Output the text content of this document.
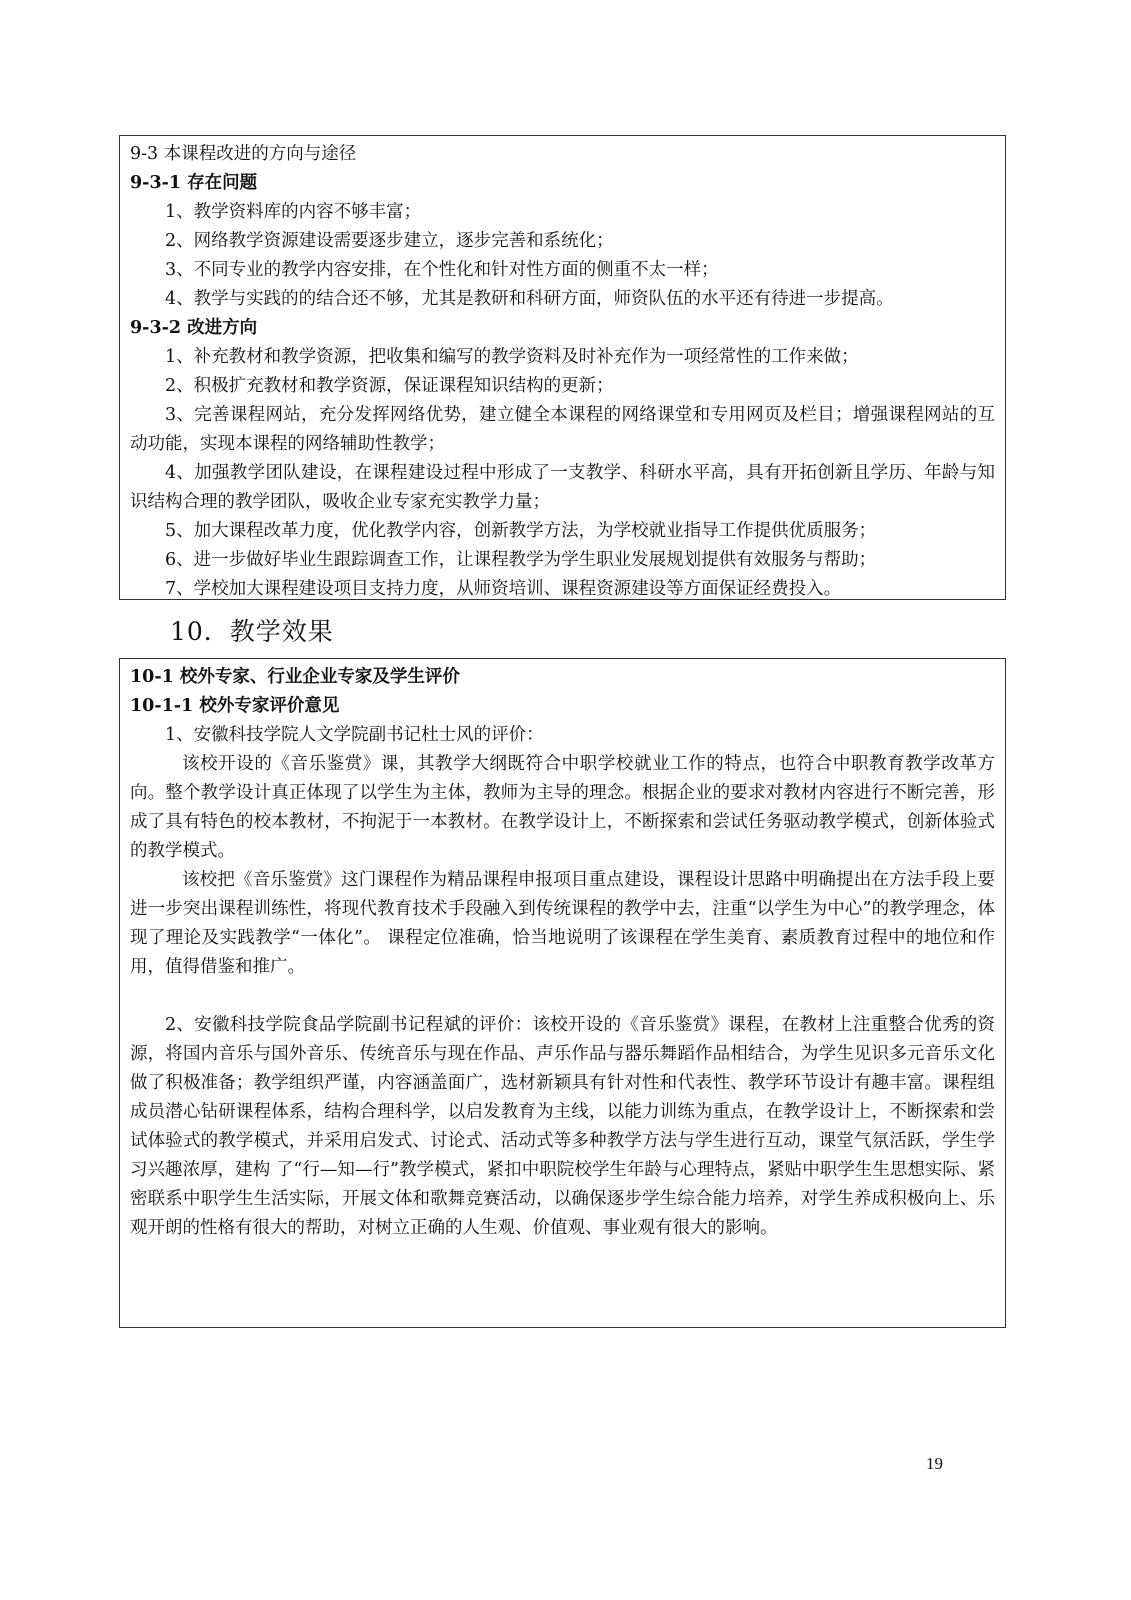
9-3 本课程改进的方向与途径

9-3-1 存在问题

1、教学资料库的内容不够丰富；

2、网络教学资源建设需要逐步建立，逐步完善和系统化；

3、不同专业的教学内容安排，在个性化和针对性方面的侧重不太一样；

4、教学与实践的的结合还不够，尤其是教研和科研方面，师资队伍的水平还有待进一步提高。

9-3-2 改进方向

1、补充教材和教学资源，把收集和编写的教学资料及时补充作为一项经常性的工作来做；

2、积极扩充教材和教学资源，保证课程知识结构的更新；

3、完善课程网站，充分发挥网络优势，建立健全本课程的网络课堂和专用网页及栏目；增强课程网站的互动功能，实现本课程的网络辅助性教学；

4、加强教学团队建设，在课程建设过程中形成了一支教学、科研水平高，具有开拓创新且学历、年龄与知识结构合理的教学团队，吸收企业专家充实教学力量；

5、加大课程改革力度，优化教学内容，创新教学方法，为学校就业指导工作提供优质服务；

6、进一步做好毕业生跟踪调查工作，让课程教学为学生职业发展规划提供有效服务与帮助；

7、学校加大课程建设项目支持力度，从师资培训、课程资源建设等方面保证经费投入。

10．教学效果

10-1 校外专家、行业企业专家及学生评价

10-1-1 校外专家评价意见

1、安徽科技学院人文学院副书记杜士风的评价：

该校开设的《音乐鉴赏》课，其教学大纲既符合中职学校就业工作的特点，也符合中职教育教学改革方向。整个教学设计真正体现了以学生为主体，教师为主导的理念。根据企业的要求对教材内容进行不断完善，形成了具有特色的校本教材，不拘泥于一本教材。在教学设计上，不断探索和尝试任务驱动教学模式，创新体验式的教学模式。

该校把《音乐鉴赏》这门课程作为精品课程申报项目重点建设，课程设计思路中明确提出在方法手段上要进一步突出课程训练性，将现代教育技术手段融入到传统课程的教学中去，注重“以学生为中心”的教学理念，体现了理论及实践教学“一体化”。 课程定位准确，恰当地说明了该课程在学生美育、素质教育过程中的地位和作用，值得借鉴和推广。

2、安徽科技学院食品学院副书记程斌的评价：该校开设的《音乐鉴赏》课程，在教材上注重整合优秀的资源，将国内音乐与国外音乐、传统音乐与现在作品、声乐作品与器乐舞蹈作品相结合，为学生见识多元音乐文化做了积极准备；教学组织严谨，内容涵盖面广，选材新颖具有针对性和代表性、教学环节设计有趣丰富。课程组成员潜心钻研课程体系，结构合理科学，以启发教育为主线，以能力训练为重点，在教学设计上，不断探索和尝试体验式的教学模式，并采用启发式、讨论式、活动式等多种教学方法与学生进行互动，课堂气氛活跃，学生学习兴趣浓厚，建构 了“行—知—行”教学模式，紧扣中职院校学生年龄与心理特点，紧贴中职学生生思想实际、紧密联系中职学生生活实际，开展文体和歌舞竞赛活动，以确保逐步学生综合能力培养，对学生养成积极向上、乐观开朗的性格有很大的帮助，对树立正确的人生观、价值观、事业观有很大的影响。

19
